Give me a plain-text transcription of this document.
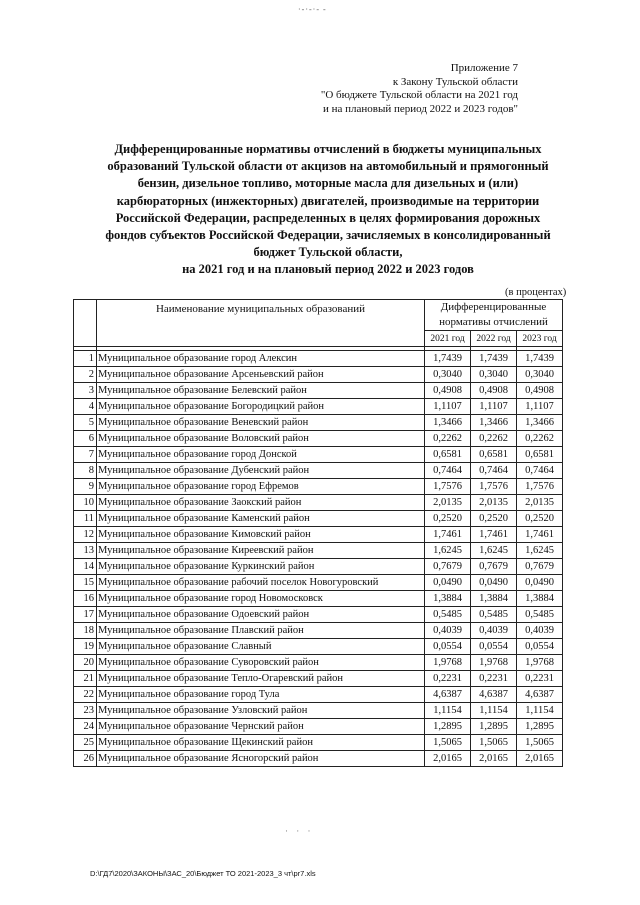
·-·-·- -
Приложение 7
к Закону Тульской области
"О бюджете Тульской области на 2021 год
и на плановый период 2022 и 2023 годов"
Дифференцированные нормативы отчислений в бюджеты муниципальных
образований Тульской области от акцизов на автомобильный и прямогонный
бензин, дизельное топливо, моторные масла для дизельных и (или)
карбюраторных (инжекторных) двигателей, производимые на территории
Российской Федерации, распределенных в целях формирования дорожных
фондов субъектов Российской Федерации, зачисляемых в консолидированный
бюджет Тульской области,
на 2021 год и на плановый период 2022 и 2023 годов
(в процентах)
	Наименование муниципальных образований	Дифференцированные нормативы отчислений		
		2021 год	2022 год	2023 год

1	Муниципальное образование город Алексин	1,7439	1,7439	1,7439
2	Муниципальное образование Арсеньевский район	0,3040	0,3040	0,3040
3	Муниципальное образование Белевский район	0,4908	0,4908	0,4908
4	Муниципальное образование Богородицкий район	1,1107	1,1107	1,1107
5	Муниципальное образование Веневский район	1,3466	1,3466	1,3466
6	Муниципальное образование Воловский район	0,2262	0,2262	0,2262
7	Муниципальное образование город Донской	0,6581	0,6581	0,6581
8	Муниципальное образование Дубенский район	0,7464	0,7464	0,7464
9	Муниципальное образование город Ефремов	1,7576	1,7576	1,7576
10	Муниципальное образование Заокский район	2,0135	2,0135	2,0135
11	Муниципальное образование Каменский район	0,2520	0,2520	0,2520
12	Муниципальное образование Кимовский район	1,7461	1,7461	1,7461
13	Муниципальное образование Киреевский район	1,6245	1,6245	1,6245
14	Муниципальное образование Куркинский район	0,7679	0,7679	0,7679
15	Муниципальное образование рабочий поселок Новогуровский	0,0490	0,0490	0,0490
16	Муниципальное образование город Новомосковск	1,3884	1,3884	1,3884
17	Муниципальное образование Одоевский район	0,5485	0,5485	0,5485
18	Муниципальное образование Плавский район	0,4039	0,4039	0,4039
19	Муниципальное образование Славный	0,0554	0,0554	0,0554
20	Муниципальное образование Суворовский район	1,9768	1,9768	1,9768
21	Муниципальное образование Тепло-Огаревский район	0,2231	0,2231	0,2231
22	Муниципальное образование город Тула	4,6387	4,6387	4,6387
23	Муниципальное образование Узловский район	1,1154	1,1154	1,1154
24	Муниципальное образование Чернский район	1,2895	1,2895	1,2895
25	Муниципальное образование Щекинский район	1,5065	1,5065	1,5065
26	Муниципальное образование Ясногорский район	2,0165	2,0165	2,0165
· · ·
D:\ГД7\2020\ЗАКОНЫ\ЗАС_20\Бюджет ТО 2021-2023_3 чт\pr7.xls
